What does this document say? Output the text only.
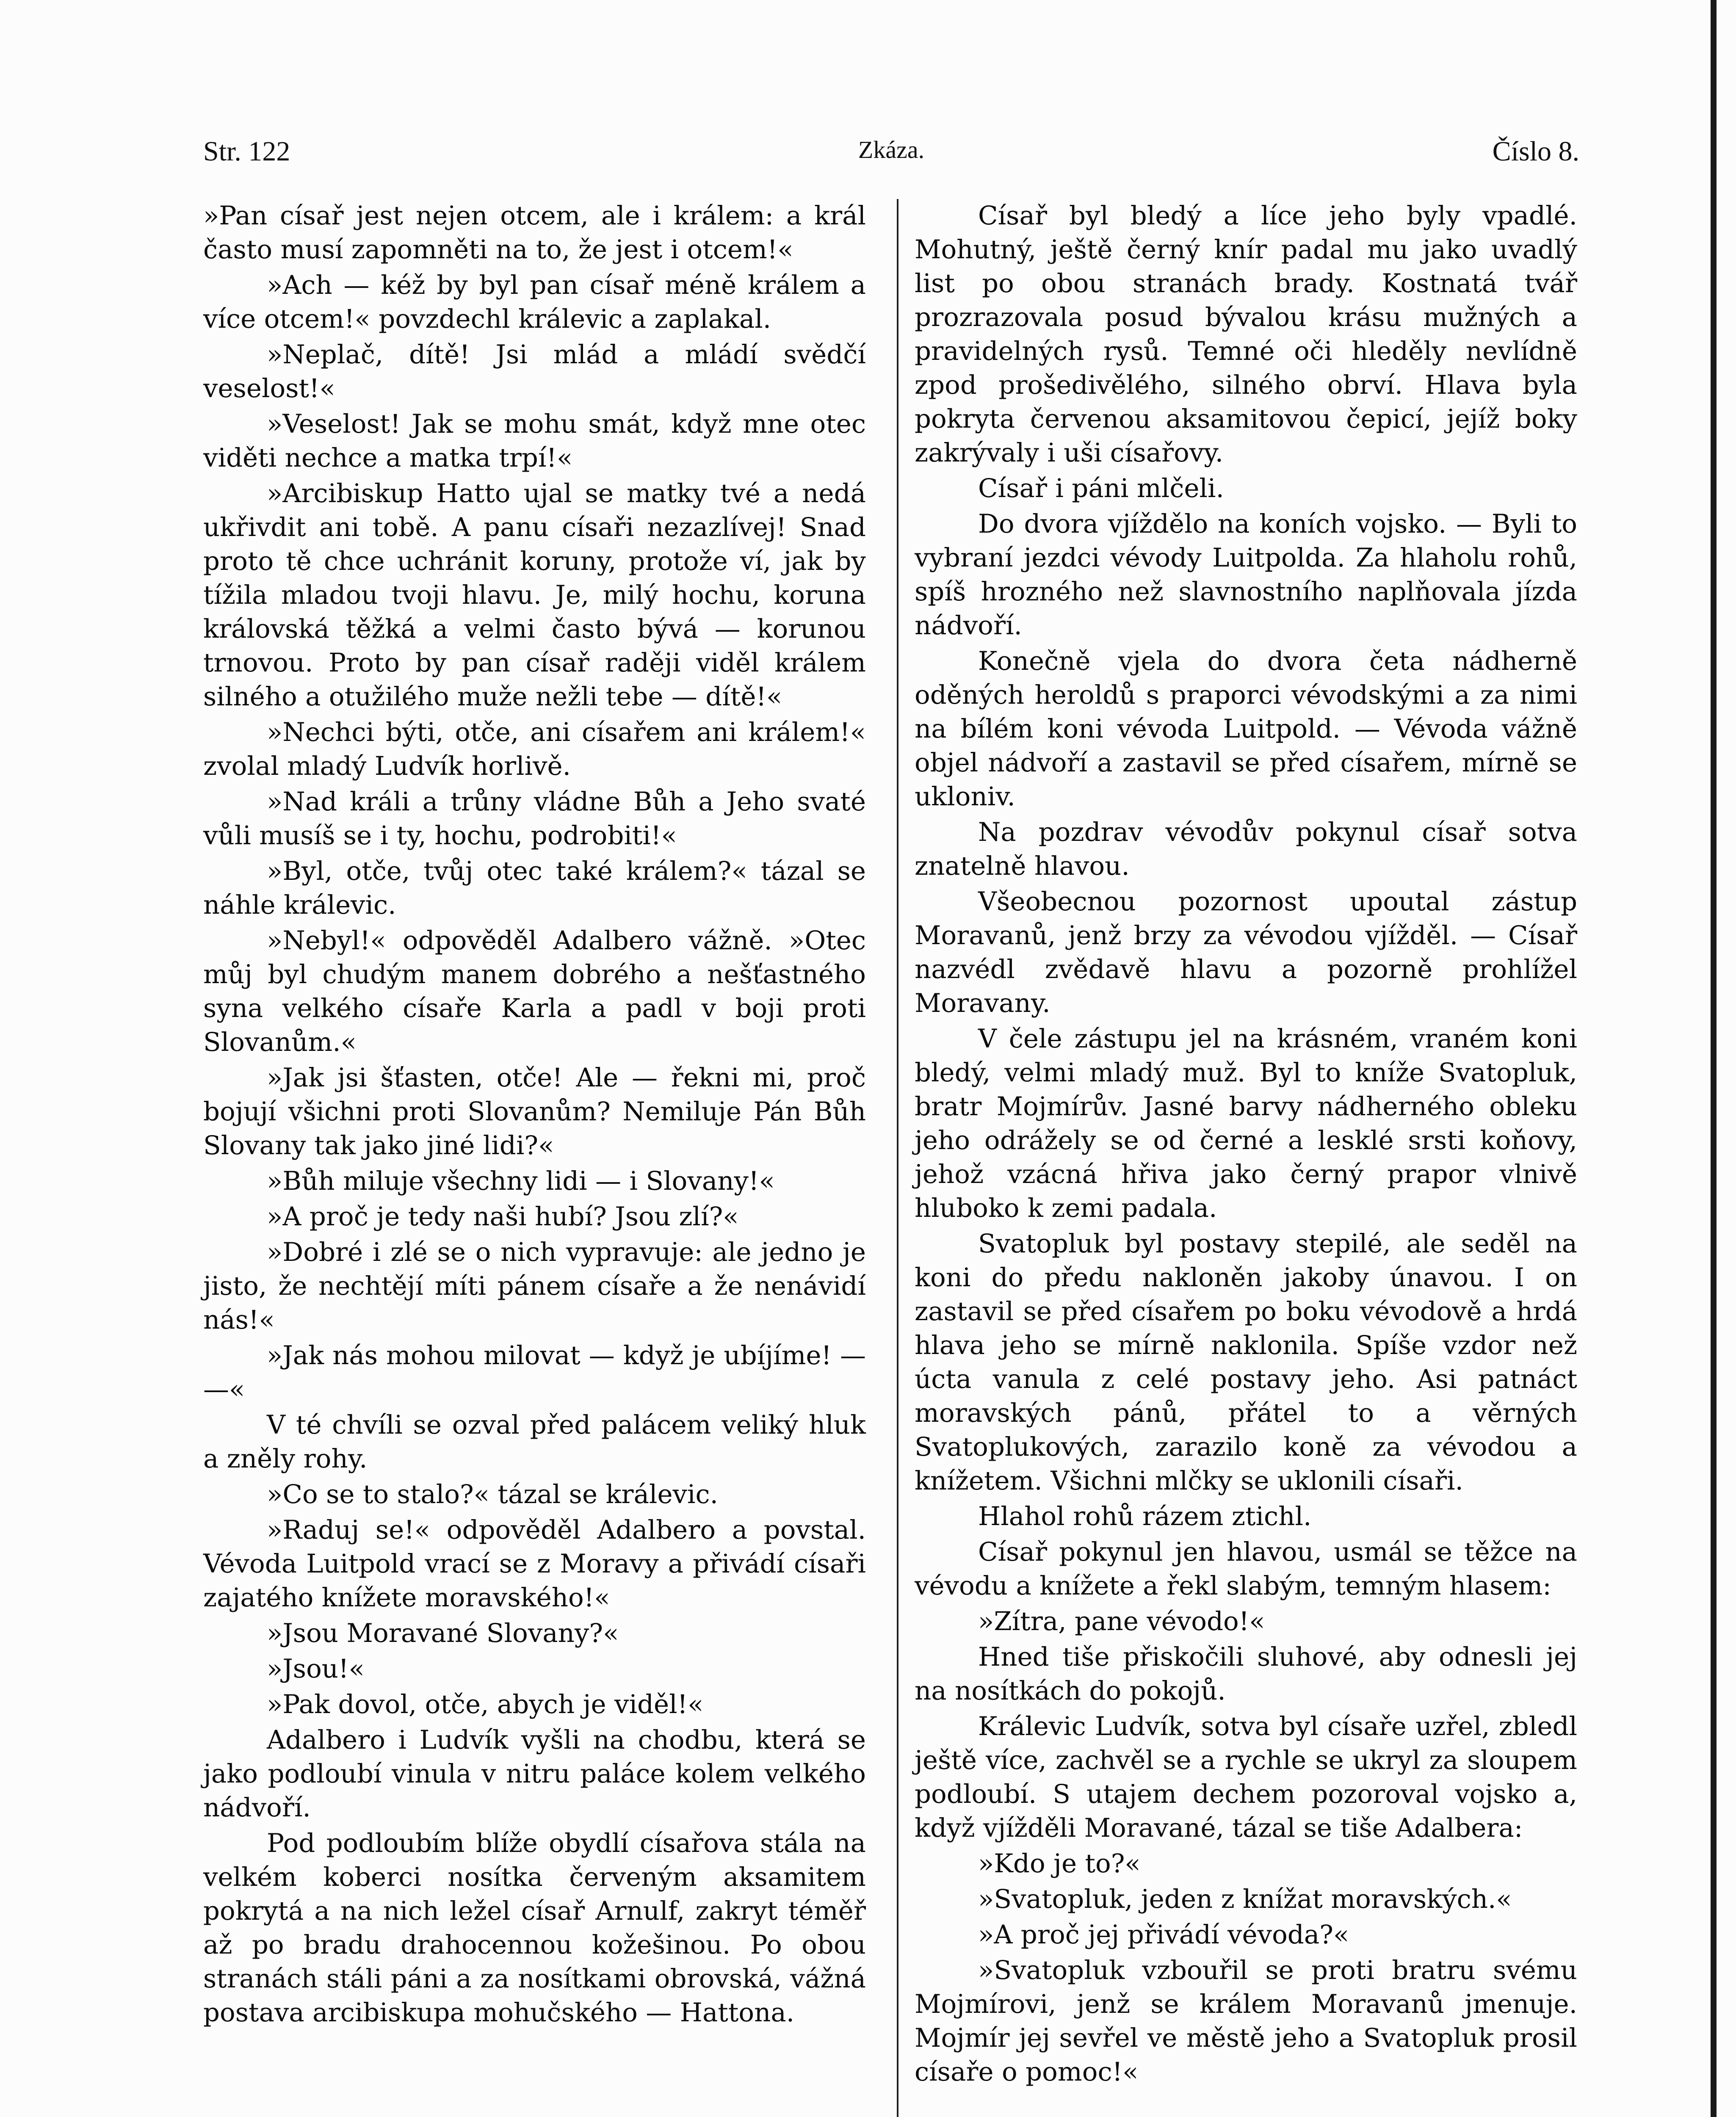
Str. 122	Zkáza.	Číslo 8.

»Pan císař jest nejen otcem, ale i králem: a král často musí zapomněti na to, že jest i otcem!«

»Ach — kéž by byl pan císař méně králem a více otcem!« povzdechl králevic a zaplakal.

»Neplač, dítě! Jsi mlád a mládí svědčí veselost!«

»Veselost! Jak se mohu smát, když mne otec viděti nechce a matka trpí!«

»Arcibiskup Hatto ujal se matky tvé a nedá ukřivdit ani tobě. A panu císaři nezazlívej! Snad proto tě chce uchránit koruny, protože ví, jak by tížila mladou tvoji hlavu. Je, milý hochu, koruna královská těžká a velmi často bývá — korunou trnovou. Proto by pan císař raději viděl králem silného a otužilého muže nežli tebe — dítě!«

»Nechci býti, otče, ani císařem ani králem!« zvolal mladý Ludvík horlivě.

»Nad králi a trůny vládne Bůh a Jeho svaté vůli musíš se i ty, hochu, podrobiti!«

»Byl, otče, tvůj otec také králem?« tázal se náhle králevic.

»Nebyl!« odpověděl Adalbero vážně. »Otec můj byl chudým manem dobrého a nešťastného syna velkého císaře Karla a padl v boji proti Slovanům.«

»Jak jsi šťasten, otče! Ale — řekni mi, proč bojují všichni proti Slovanům? Nemiluje Pán Bůh Slovany tak jako jiné lidi?«

»Bůh miluje všechny lidi — i Slovany!«

»A proč je tedy naši hubí? Jsou zlí?«

»Dobré i zlé se o nich vypravuje: ale jedno je jisto, že nechtějí míti pánem císaře a že nenávidí nás!«

»Jak nás mohou milovat — když je ubíjíme! — —«

V té chvíli se ozval před palácem veliký hluk a zněly rohy.

»Co se to stalo?« tázal se králevic.

»Raduj se!« odpověděl Adalbero a povstal. Vévoda Luitpold vrací se z Moravy a přivádí císaři zajatého knížete moravského!«

»Jsou Moravané Slovany?«

»Jsou!«

»Pak dovol, otče, abych je viděl!«

Adalbero i Ludvík vyšli na chodbu, která se jako podloubí vinula v nitru paláce kolem velkého nádvoří.

Pod podloubím blíže obydlí císařova stála na velkém koberci nosítka červeným aksamitem pokrytá a na nich ležel císař Arnulf, zakryt téměř až po bradu drahocennou kožešinou. Po obou stranách stáli páni a za nosítkami obrovská, vážná postava arcibiskupa mohučského — Hattona.

Císař byl bledý a líce jeho byly vpadlé. Mohutný, ještě černý knír padal mu jako uvadlý list po obou stranách brady. Kostnatá tvář prozrazovala posud bývalou krásu mužných a pravidelných rysů. Temné oči hleděly nevlídně zpod prošedivělého, silného obrví. Hlava byla pokryta červenou aksamitovou čepicí, jejíž boky zakrývaly i uši císařovy.

Císař i páni mlčeli.

Do dvora vjíždělo na koních vojsko. — Byli to vybraní jezdci vévody Luitpolda. Za hlaholu rohů, spíš hrozného než slavnostního naplňovala jízda nádvoří.

Konečně vjela do dvora četa nádherně oděných heroldů s praporci vévodskými a za nimi na bílém koni vévoda Luitpold. — Vévoda vážně objel nádvoří a zastavil se před císařem, mírně se ukloniv.

Na pozdrav vévodův pokynul císař sotva znatelně hlavou.

Všeobecnou pozornost upoutal zástup Moravanů, jenž brzy za vévodou vjížděl. — Císař nazvédl zvědavě hlavu a pozorně prohlížel Moravany.

V čele zástupu jel na krásném, vraném koni bledý, velmi mladý muž. Byl to kníže Svatopluk, bratr Mojmírův. Jasné barvy nádherného obleku jeho odrážely se od černé a lesklé srsti koňovy, jehož vzácná hřiva jako černý prapor vlnivě hluboko k zemi padala.

Svatopluk byl postavy stepilé, ale seděl na koni do předu nakloněn jakoby únavou. I on zastavil se před císařem po boku vévodově a hrdá hlava jeho se mírně naklonila. Spíše vzdor než úcta vanula z celé postavy jeho. Asi patnáct moravských pánů, přátel to a věrných Svatoplukových, zarazilo koně za vévodou a knížetem. Všichni mlčky se uklonili císaři.

Hlahol rohů rázem ztichl.

Císař pokynul jen hlavou, usmál se těžce na vévodu a knížete a řekl slabým, temným hlasem:

»Zítra, pane vévodo!«

Hned tiše přiskočili sluhové, aby odnesli jej na nosítkách do pokojů.

Králevic Ludvík, sotva byl císaře uzřel, zbledl ještě více, zachvěl se a rychle se ukryl za sloupem podloubí. S utajem dechem pozoroval vojsko a, když vjížděli Moravané, tázal se tiše Adalbera:

»Kdo je to?«

»Svatopluk, jeden z knížat moravských.«

»A proč jej přivádí vévoda?«

»Svatopluk vzbouřil se proti bratru svému Mojmírovi, jenž se králem Moravanů jmenuje. Mojmír jej sevřel ve městě jeho a Svatopluk prosil císaře o pomoc!«
